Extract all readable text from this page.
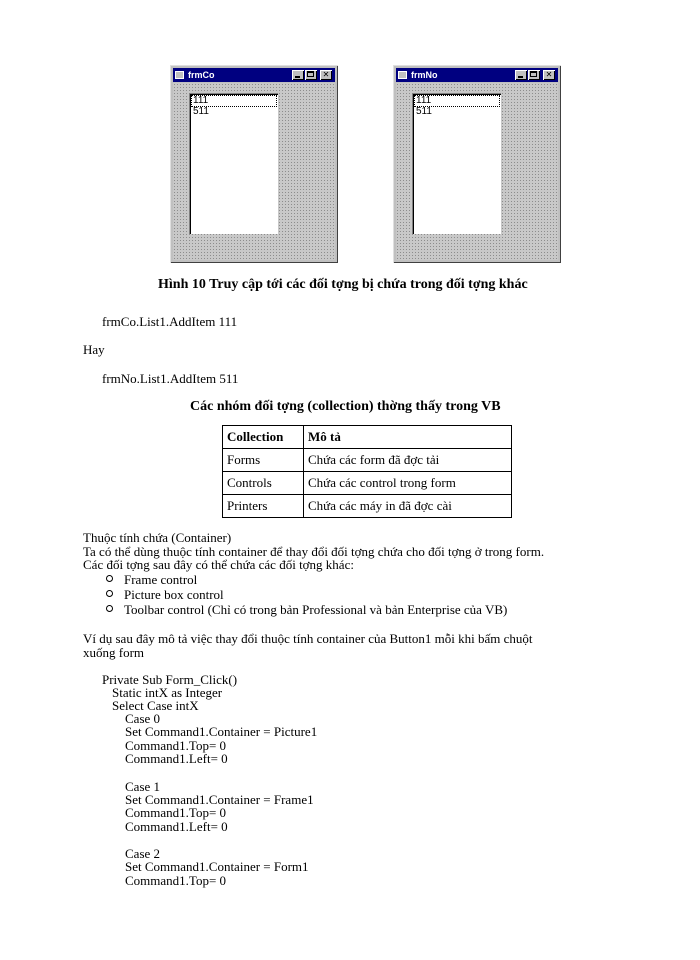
frmCo	✕
111
511
frmNo	✕
111
511
Hình 10 Truy cập tới các đối tợng bị chứa trong đối tợng khác
frmCo.List1.AddItem 111
Hay
frmNo.List1.AddItem 511
Các nhóm đối tợng (collection) thờng thấy trong VB
Collection	Mô tả
Forms	Chứa các form đã đợc tải
Controls	Chứa các control trong form
Printers	Chứa các máy in đã đợc cài
Thuộc tính chứa (Container)
Ta có thể dùng thuộc tính container để thay đổi đối tợng chứa cho đối tợng ở trong form.
Các đối tợng sau đây có thể chứa các đối tợng khác:
Frame control
Picture box control
Toolbar control (Chỉ có trong bản Professional và bản Enterprise của VB)
Ví dụ sau đây mô tả việc thay đổi thuộc tính container của Button1 mỗi khi bấm chuột
xuống form
Private Sub Form_Click()
Static intX as Integer
Select Case intX
Case 0
Set Command1.Container = Picture1
Command1.Top= 0
Command1.Left= 0
Case 1
Set Command1.Container = Frame1
Command1.Top= 0
Command1.Left= 0
Case 2
Set Command1.Container = Form1
Command1.Top= 0
